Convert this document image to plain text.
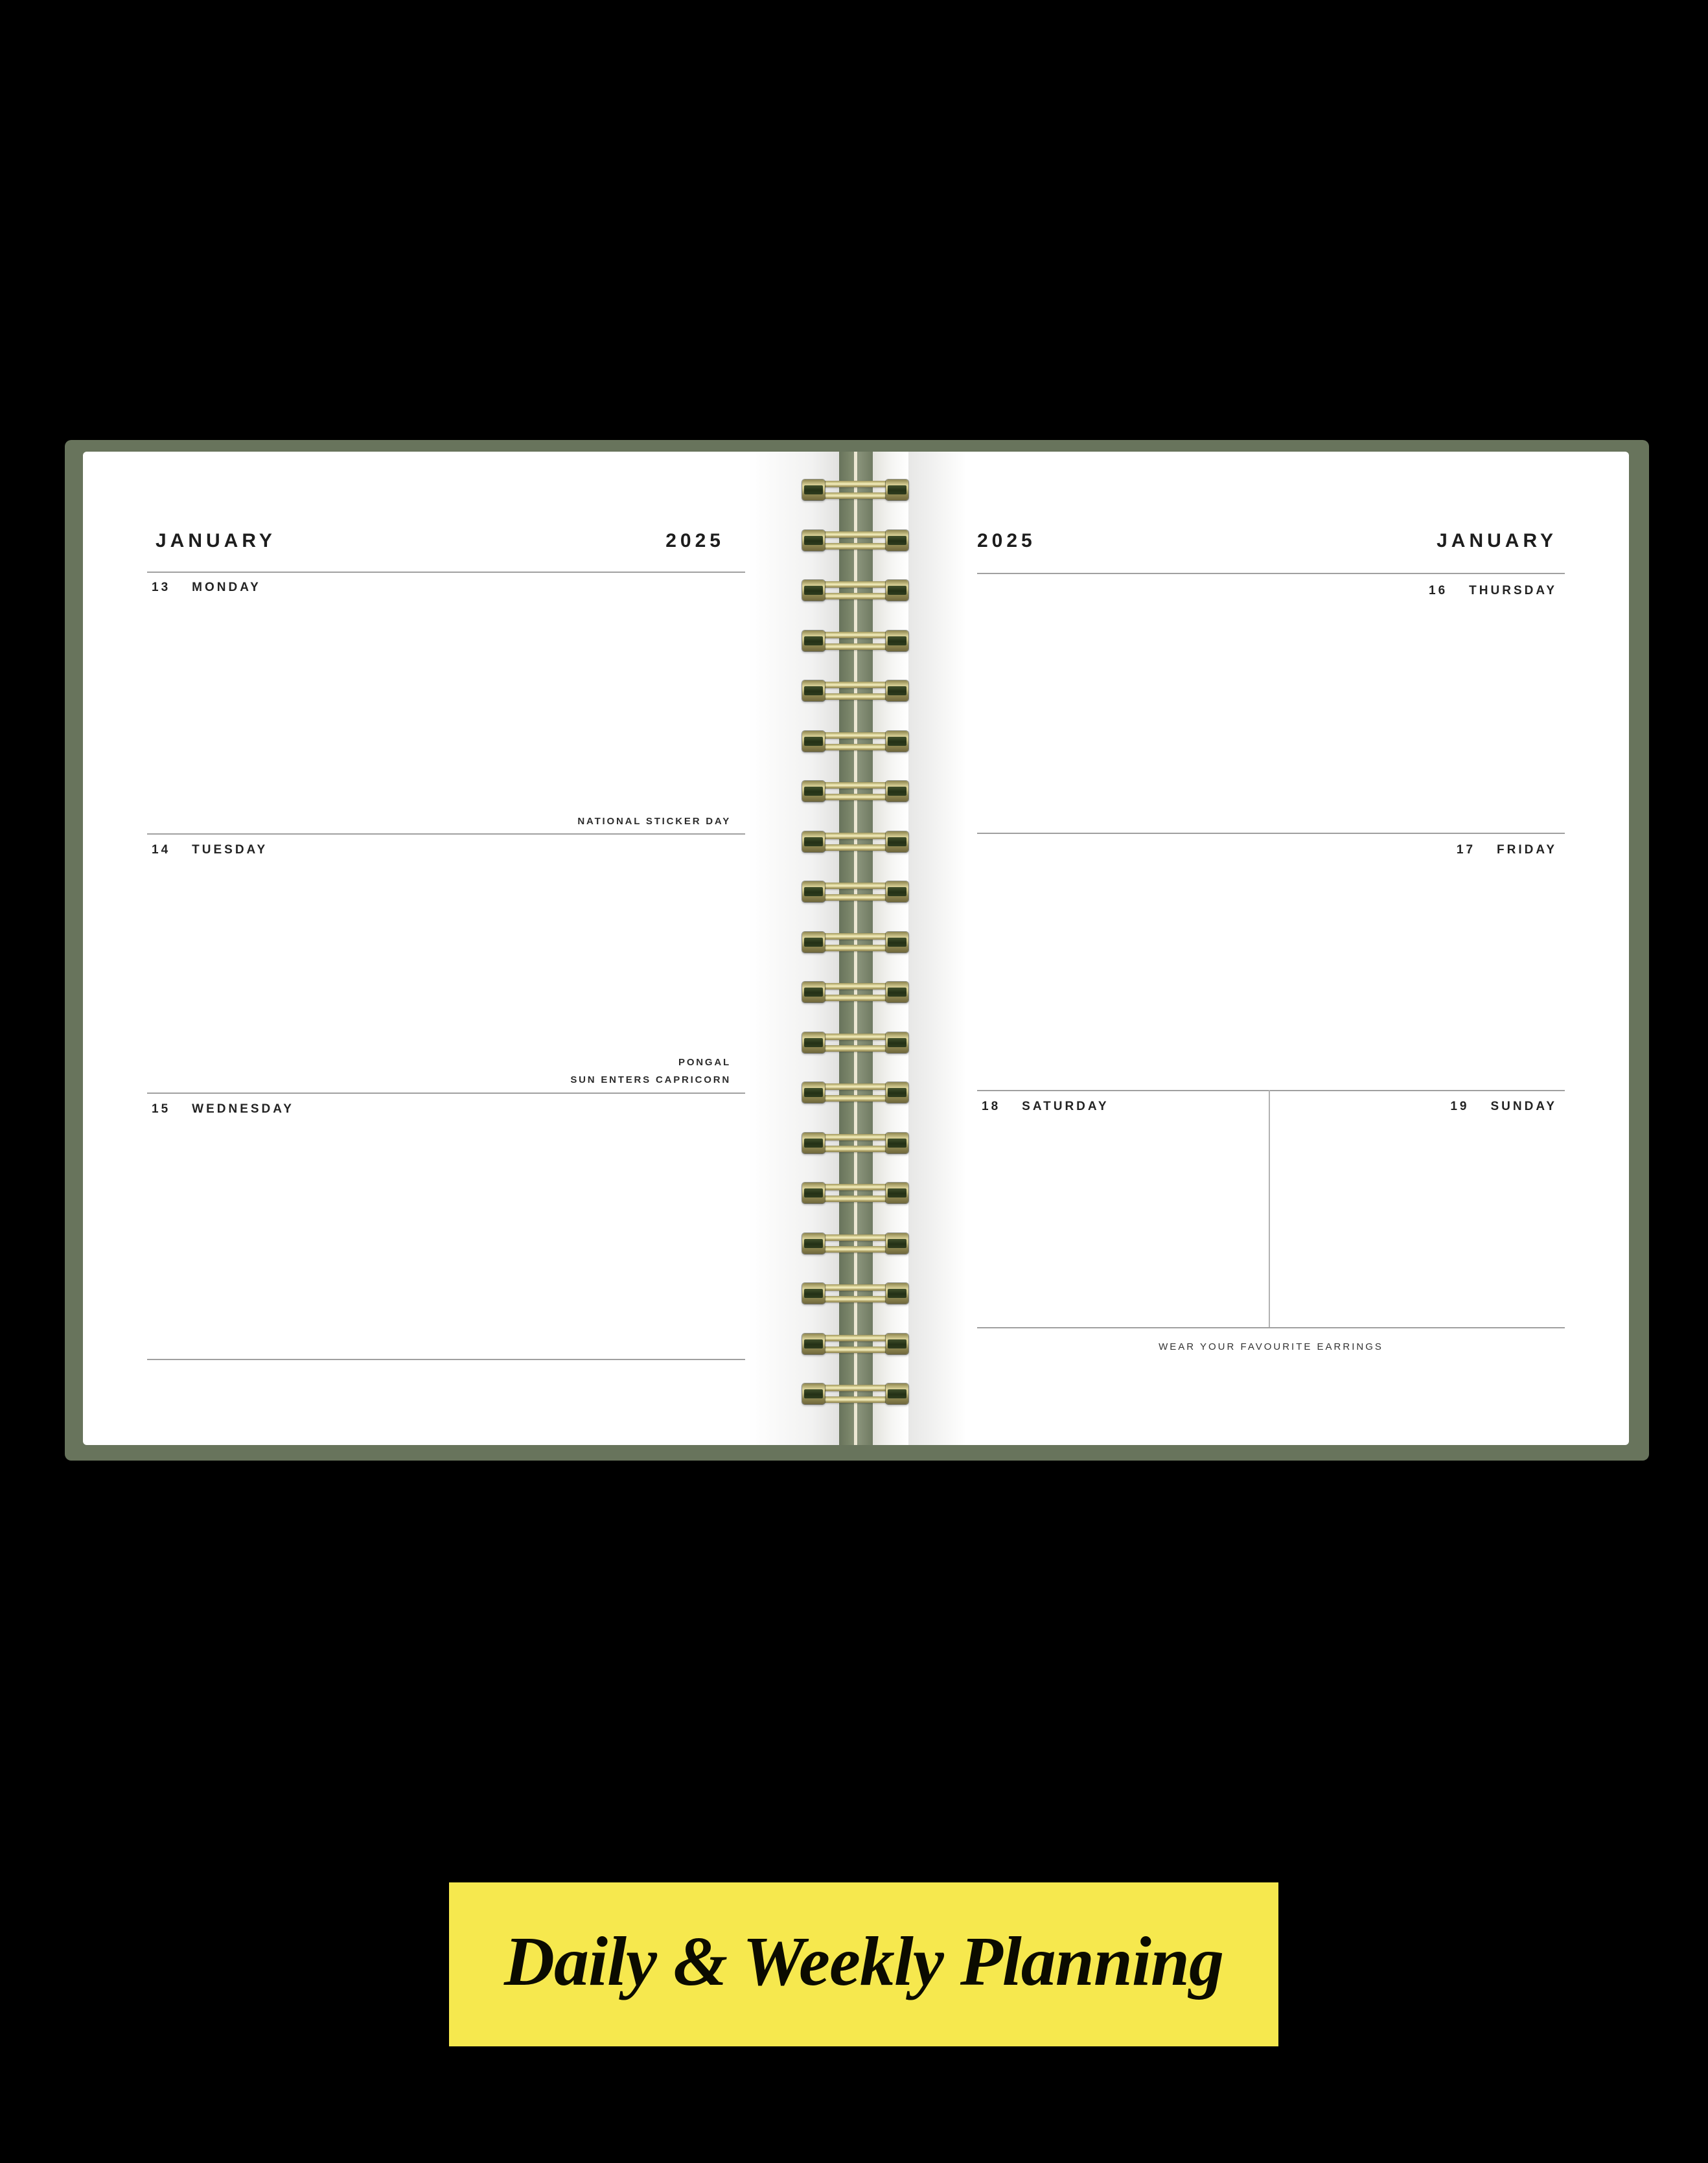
JANUARY	2025
13 MONDAY
NATIONAL STICKER DAY
14 TUESDAY
PONGAL
SUN ENTERS CAPRICORN
15 WEDNESDAY
2025	JANUARY
16 THURSDAY
17 FRIDAY
18 SATURDAY	19 SUNDAY
WEAR YOUR FAVOURITE EARRINGS
Daily & Weekly Planning
